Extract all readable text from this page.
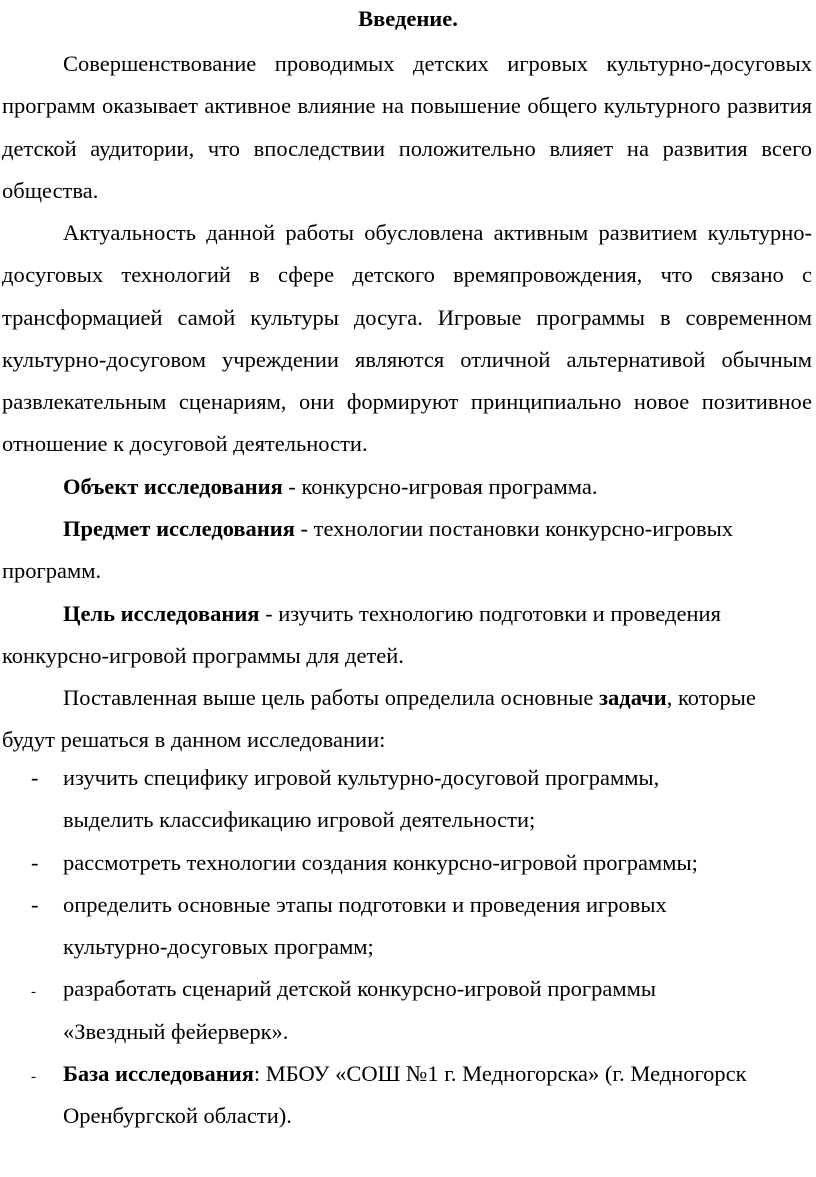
Введение.
Совершенствование проводимых детских игровых культурно-досуговых программ оказывает активное влияние на повышение общего культурного развития детской аудитории, что впоследствии положительно влияет на развития всего общества.
Актуальность данной работы обусловлена активным развитием культурно-досуговых технологий в сфере детского времяпровождения, что связано с трансформацией самой культуры досуга. Игровые программы в современном культурно-досуговом учреждении являются отличной альтернативой обычным развлекательным сценариям, они формируют принципиально новое позитивное отношение к досуговой деятельности.
Объект исследования - конкурсно-игровая программа.
Предмет исследования - технологии постановки конкурсно-игровых программ.
Цель исследования - изучить технологию подготовки и проведения конкурсно-игровой программы для детей.
Поставленная выше цель работы определила основные задачи, которые будут решаться в данном исследовании:
- изучить специфику игровой культурно-досуговой программы,
выделить классификацию игровой деятельности;
- рассмотреть технологии создания конкурсно-игровой программы;
- определить основные этапы подготовки и проведения игровых
культурно-досуговых программ;
- разработать сценарий детской конкурсно-игровой программы
«Звездный фейерверк».
- База исследования: МБОУ «СОШ №1 г. Медногорска» (г. Медногорск
Оренбургской области).
